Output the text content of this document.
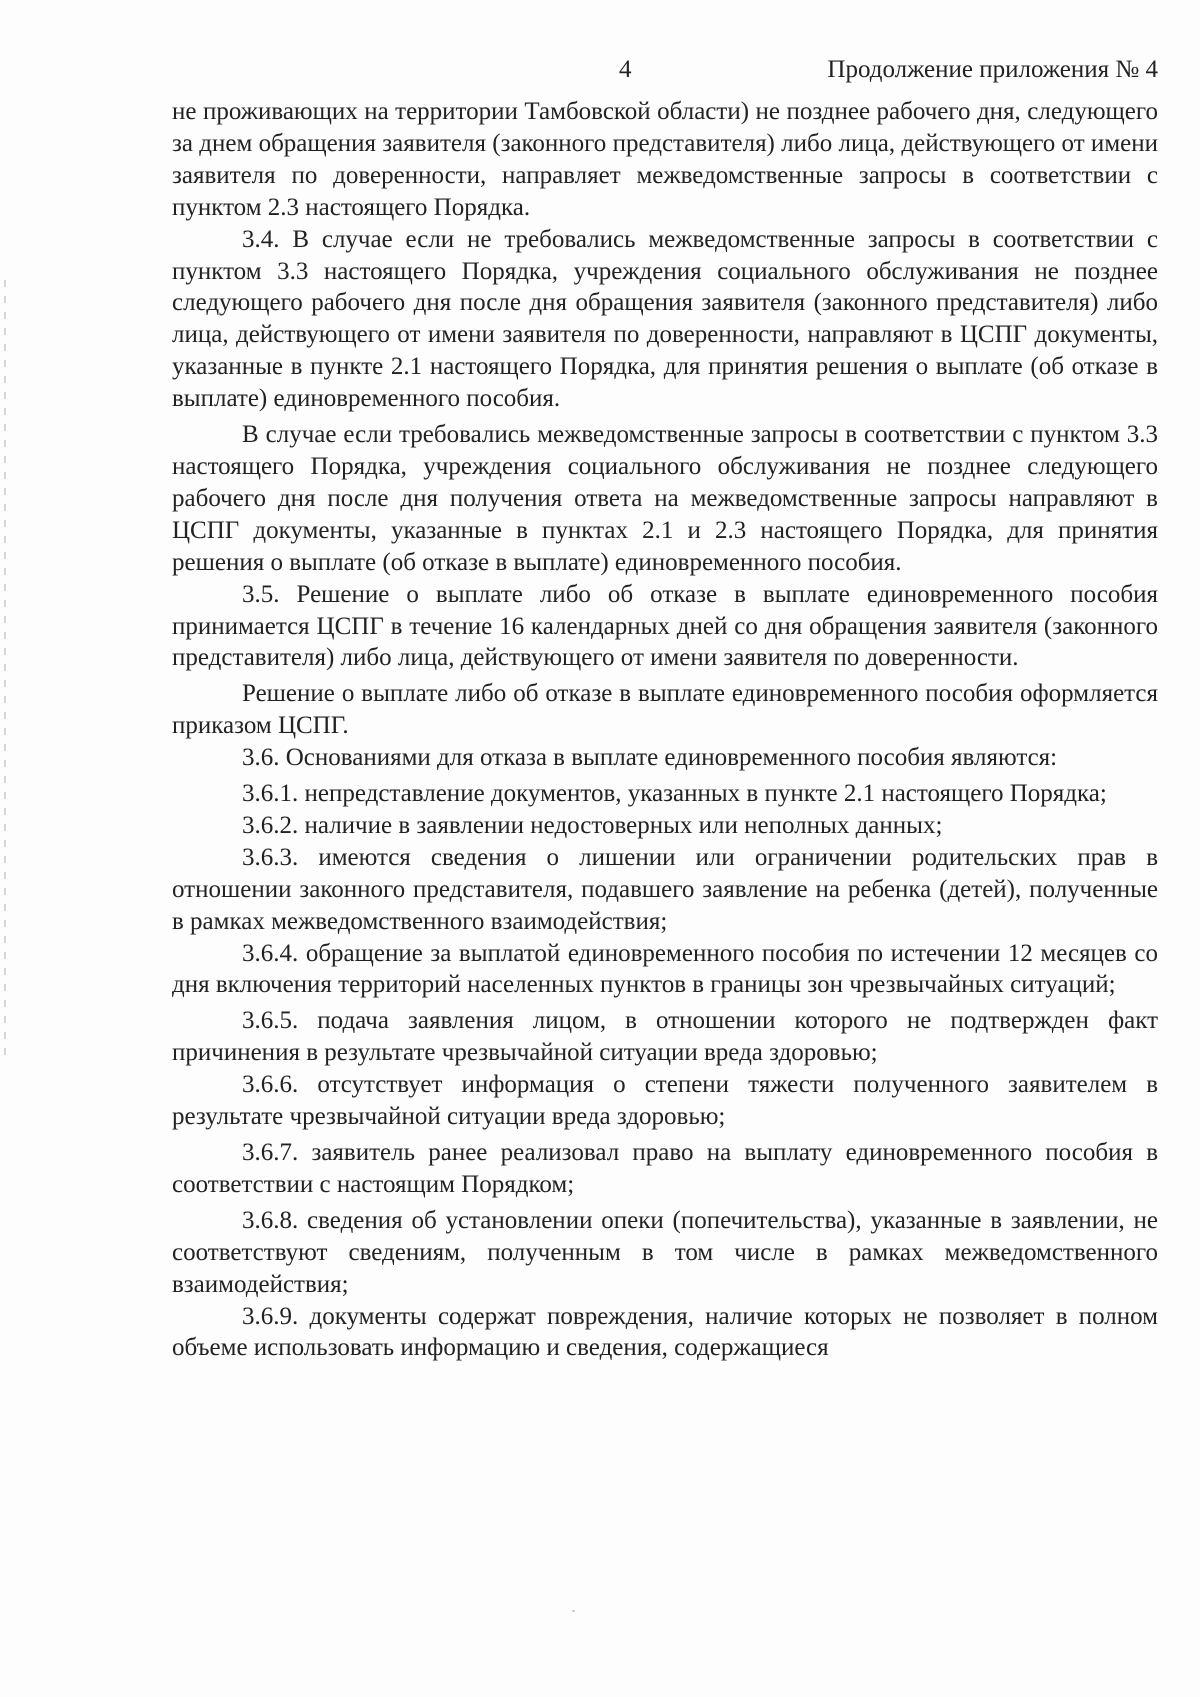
4	Продолжение приложения № 4

не проживающих на территории Тамбовской области) не позднее рабочего дня, следующего за днем обращения заявителя (законного представителя) либо лица, действующего от имени заявителя по доверенности, направляет межведомственные запросы в соответствии с пунктом 2.3 настоящего Порядка.

3.4. В случае если не требовались межведомственные запросы в соответствии с пунктом 3.3 настоящего Порядка, учреждения социального обслуживания не позднее следующего рабочего дня после дня обращения заявителя (законного представителя) либо лица, действующего от имени заявителя по доверенности, направляют в ЦСПГ документы, указанные в пункте 2.1 настоящего Порядка, для принятия решения о выплате (об отказе в выплате) единовременного пособия.

В случае если требовались межведомственные запросы в соответствии с пунктом 3.3 настоящего Порядка, учреждения социального обслуживания не позднее следующего рабочего дня после дня получения ответа на межведомственные запросы направляют в ЦСПГ документы, указанные в пунктах 2.1 и 2.3 настоящего Порядка, для принятия решения о выплате (об отказе в выплате) единовременного пособия.

3.5. Решение о выплате либо об отказе в выплате единовременного пособия принимается ЦСПГ в течение 16 календарных дней со дня обращения заявителя (законного представителя) либо лица, действующего от имени заявителя по доверенности.

Решение о выплате либо об отказе в выплате единовременного пособия оформляется приказом ЦСПГ.

3.6. Основаниями для отказа в выплате единовременного пособия являются:

3.6.1. непредставление документов, указанных в пункте 2.1 настоящего Порядка;

3.6.2. наличие в заявлении недостоверных или неполных данных;

3.6.3. имеются сведения о лишении или ограничении родительских прав в отношении законного представителя, подавшего заявление на ребенка (детей), полученные в рамках межведомственного взаимодействия;

3.6.4. обращение за выплатой единовременного пособия по истечении 12 месяцев со дня включения территорий населенных пунктов в границы зон чрезвычайных ситуаций;

3.6.5. подача заявления лицом, в отношении которого не подтвержден факт причинения в результате чрезвычайной ситуации вреда здоровью;

3.6.6. отсутствует информация о степени тяжести полученного заявителем в результате чрезвычайной ситуации вреда здоровью;

3.6.7. заявитель ранее реализовал право на выплату единовременного пособия в соответствии с настоящим Порядком;

3.6.8. сведения об установлении опеки (попечительства), указанные в заявлении, не соответствуют сведениям, полученным в том числе в рамках межведомственного взаимодействия;

3.6.9. документы содержат повреждения, наличие которых не позволяет в полном объеме использовать информацию и сведения, содержащиеся
